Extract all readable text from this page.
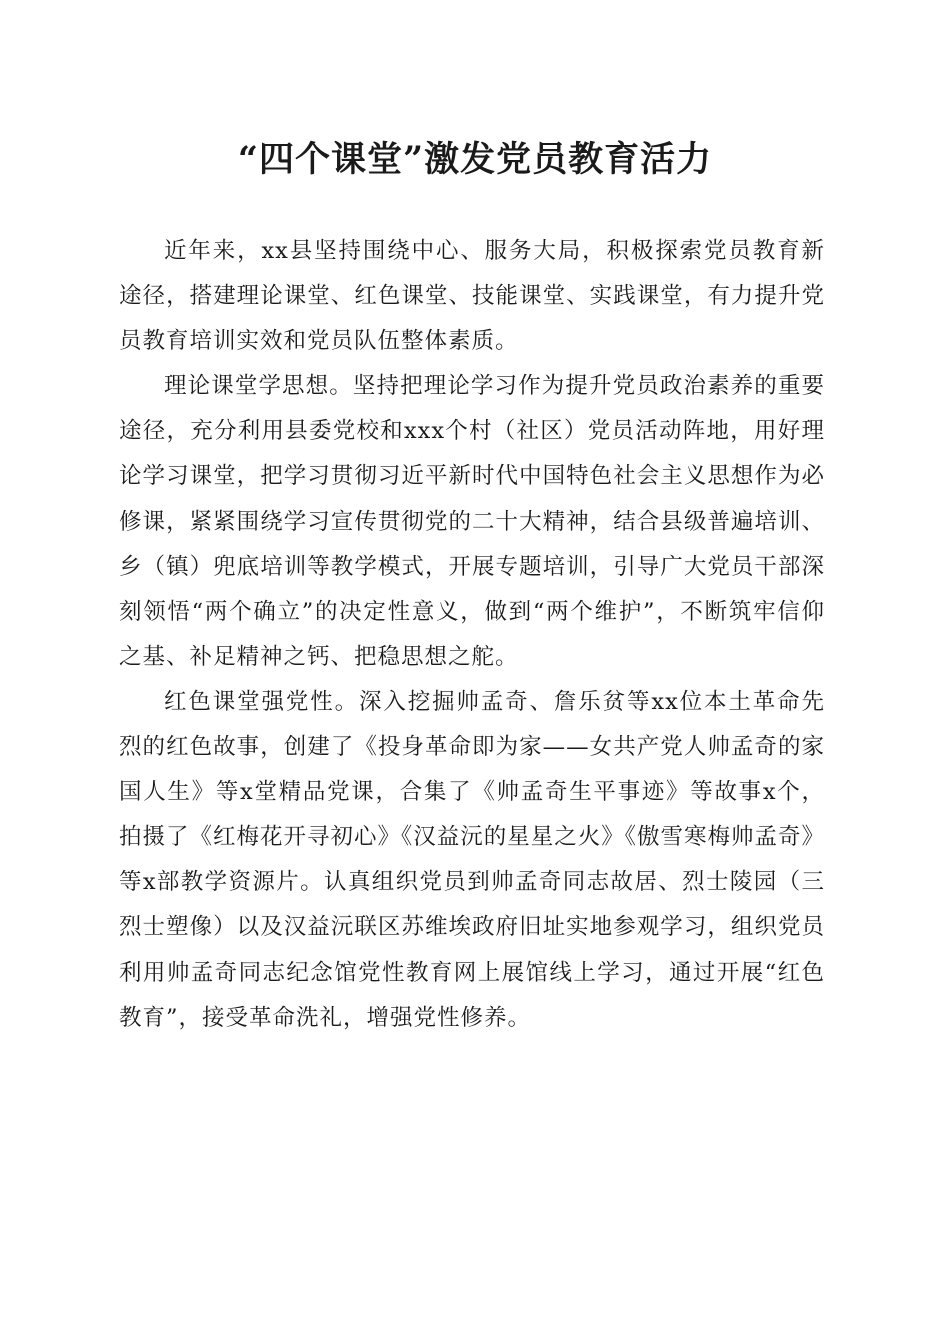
“四个课堂”激发党员教育活力

近年来，xx县坚持围绕中心、服务大局，积极探索党员教育新途径，搭建理论课堂、红色课堂、技能课堂、实践课堂，有力提升党员教育培训实效和党员队伍整体素质。

理论课堂学思想。坚持把理论学习作为提升党员政治素养的重要途径，充分利用县委党校和xxx个村（社区）党员活动阵地，用好理论学习课堂，把学习贯彻习近平新时代中国特色社会主义思想作为必修课，紧紧围绕学习宣传贯彻党的二十大精神，结合县级普遍培训、乡（镇）兜底培训等教学模式，开展专题培训，引导广大党员干部深刻领悟“两个确立”的决定性意义，做到“两个维护”，不断筑牢信仰之基、补足精神之钙、把稳思想之舵。

红色课堂强党性。深入挖掘帅孟奇、詹乐贫等xx位本土革命先烈的红色故事，创建了《投身革命即为家——女共产党人帅孟奇的家国人生》等x堂精品党课，合集了《帅孟奇生平事迹》等故事x个，拍摄了《红梅花开寻初心》《汉益沅的星星之火》《傲雪寒梅帅孟奇》等x部教学资源片。认真组织党员到帅孟奇同志故居、烈士陵园（三烈士塑像）以及汉益沅联区苏维埃政府旧址实地参观学习，组织党员利用帅孟奇同志纪念馆党性教育网上展馆线上学习，通过开展“红色教育”，接受革命洗礼，增强党性修养。
